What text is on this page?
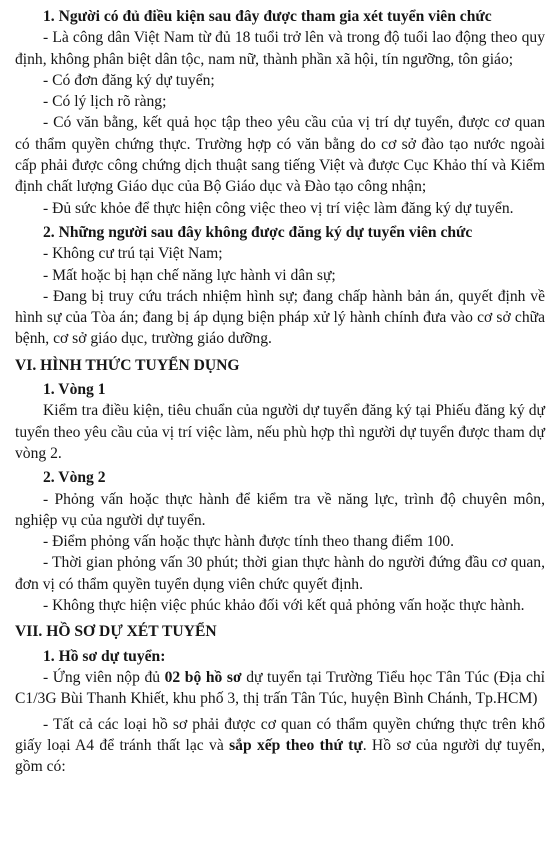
1. Người có đủ điều kiện sau đây được tham gia xét tuyển viên chức

- Là công dân Việt Nam từ đủ 18 tuổi trở lên và trong độ tuổi lao động theo quy định, không phân biệt dân tộc, nam nữ, thành phần xã hội, tín ngưỡng, tôn giáo;

- Có đơn đăng ký dự tuyển;

- Có lý lịch rõ ràng;

- Có văn bằng, kết quả học tập theo yêu cầu của vị trí dự tuyển, được cơ quan có thẩm quyền chứng thực. Trường hợp có văn bằng do cơ sở đào tạo nước ngoài cấp phải được công chứng dịch thuật sang tiếng Việt và được Cục Khảo thí và Kiểm định chất lượng Giáo dục của Bộ Giáo dục và Đào tạo công nhận;

- Đủ sức khỏe để thực hiện công việc theo vị trí việc làm đăng ký dự tuyển.

2. Những người sau đây không được đăng ký dự tuyển viên chức

- Không cư trú tại Việt Nam;

- Mất hoặc bị hạn chế năng lực hành vi dân sự;

- Đang bị truy cứu trách nhiệm hình sự; đang chấp hành bản án, quyết định về hình sự của Tòa án; đang bị áp dụng biện pháp xử lý hành chính đưa vào cơ sở chữa bệnh, cơ sở giáo dục, trường giáo dưỡng.

VI. HÌNH THỨC TUYỂN DỤNG

1. Vòng 1

Kiểm tra điều kiện, tiêu chuẩn của người dự tuyển đăng ký tại Phiếu đăng ký dự tuyển theo yêu cầu của vị trí việc làm, nếu phù hợp thì người dự tuyển được tham dự vòng 2.

2. Vòng 2

- Phỏng vấn hoặc thực hành để kiểm tra về năng lực, trình độ chuyên môn, nghiệp vụ của người dự tuyển.

- Điểm phỏng vấn hoặc thực hành được tính theo thang điểm 100.

- Thời gian phỏng vấn 30 phút; thời gian thực hành do người đứng đầu cơ quan, đơn vị có thẩm quyền tuyển dụng viên chức quyết định.

- Không thực hiện việc phúc khảo đối với kết quả phỏng vấn hoặc thực hành.

VII. HỒ SƠ DỰ XÉT TUYỂN

1. Hồ sơ dự tuyển:

- Ứng viên nộp đủ 02 bộ hồ sơ dự tuyển tại Trường Tiểu học Tân Túc (Địa chỉ C1/3G Bùi Thanh Khiết, khu phố 3, thị trấn Tân Túc, huyện Bình Chánh, Tp.HCM)

- Tất cả các loại hồ sơ phải được cơ quan có thẩm quyền chứng thực trên khổ giấy loại A4 để tránh thất lạc và sắp xếp theo thứ tự. Hồ sơ của người dự tuyển, gồm có:
